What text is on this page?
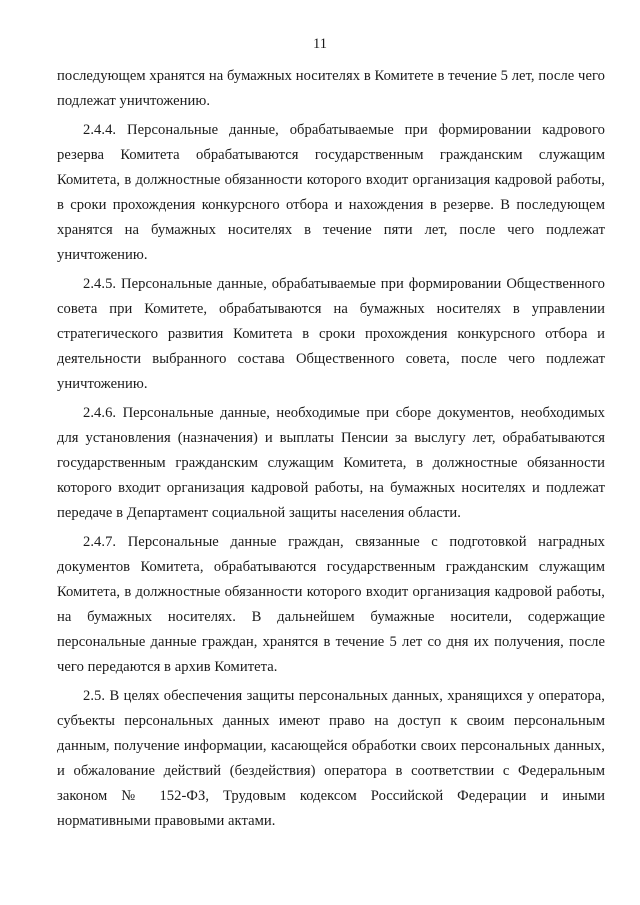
11

последующем хранятся на бумажных носителях в Комитете в течение 5 лет, после чего подлежат уничтожению.

2.4.4. Персональные данные, обрабатываемые при формировании кадрового резерва Комитета обрабатываются государственным гражданским служащим Комитета, в должностные обязанности которого входит организация кадровой работы, в сроки прохождения конкурсного отбора и нахождения в резерве. В последующем хранятся на бумажных носителях в течение пяти лет, после чего подлежат уничтожению.

2.4.5. Персональные данные, обрабатываемые при формировании Общественного совета при Комитете, обрабатываются на бумажных носителях в управлении стратегического развития Комитета в сроки прохождения конкурсного отбора и деятельности выбранного состава Общественного совета, после чего подлежат уничтожению.

2.4.6. Персональные данные, необходимые при сборе документов, необходимых для установления (назначения) и выплаты Пенсии за выслугу лет, обрабатываются государственным гражданским служащим Комитета, в должностные обязанности которого входит организация кадровой работы, на бумажных носителях и подлежат передаче в Департамент социальной защиты населения области.

2.4.7. Персональные данные граждан, связанные с подготовкой наградных документов Комитета, обрабатываются государственным гражданским служащим Комитета, в должностные обязанности которого входит организация кадровой работы, на бумажных носителях. В дальнейшем бумажные носители, содержащие персональные данные граждан, хранятся в течение 5 лет со дня их получения, после чего передаются в архив Комитета.

2.5. В целях обеспечения защиты персональных данных, хранящихся у оператора, субъекты персональных данных имеют право на доступ к своим персональным данным, получение информации, касающейся обработки своих персональных данных, и обжалование действий (бездействия) оператора в соответствии с Федеральным законом № 152-ФЗ, Трудовым кодексом Российской Федерации и иными нормативными правовыми актами.
